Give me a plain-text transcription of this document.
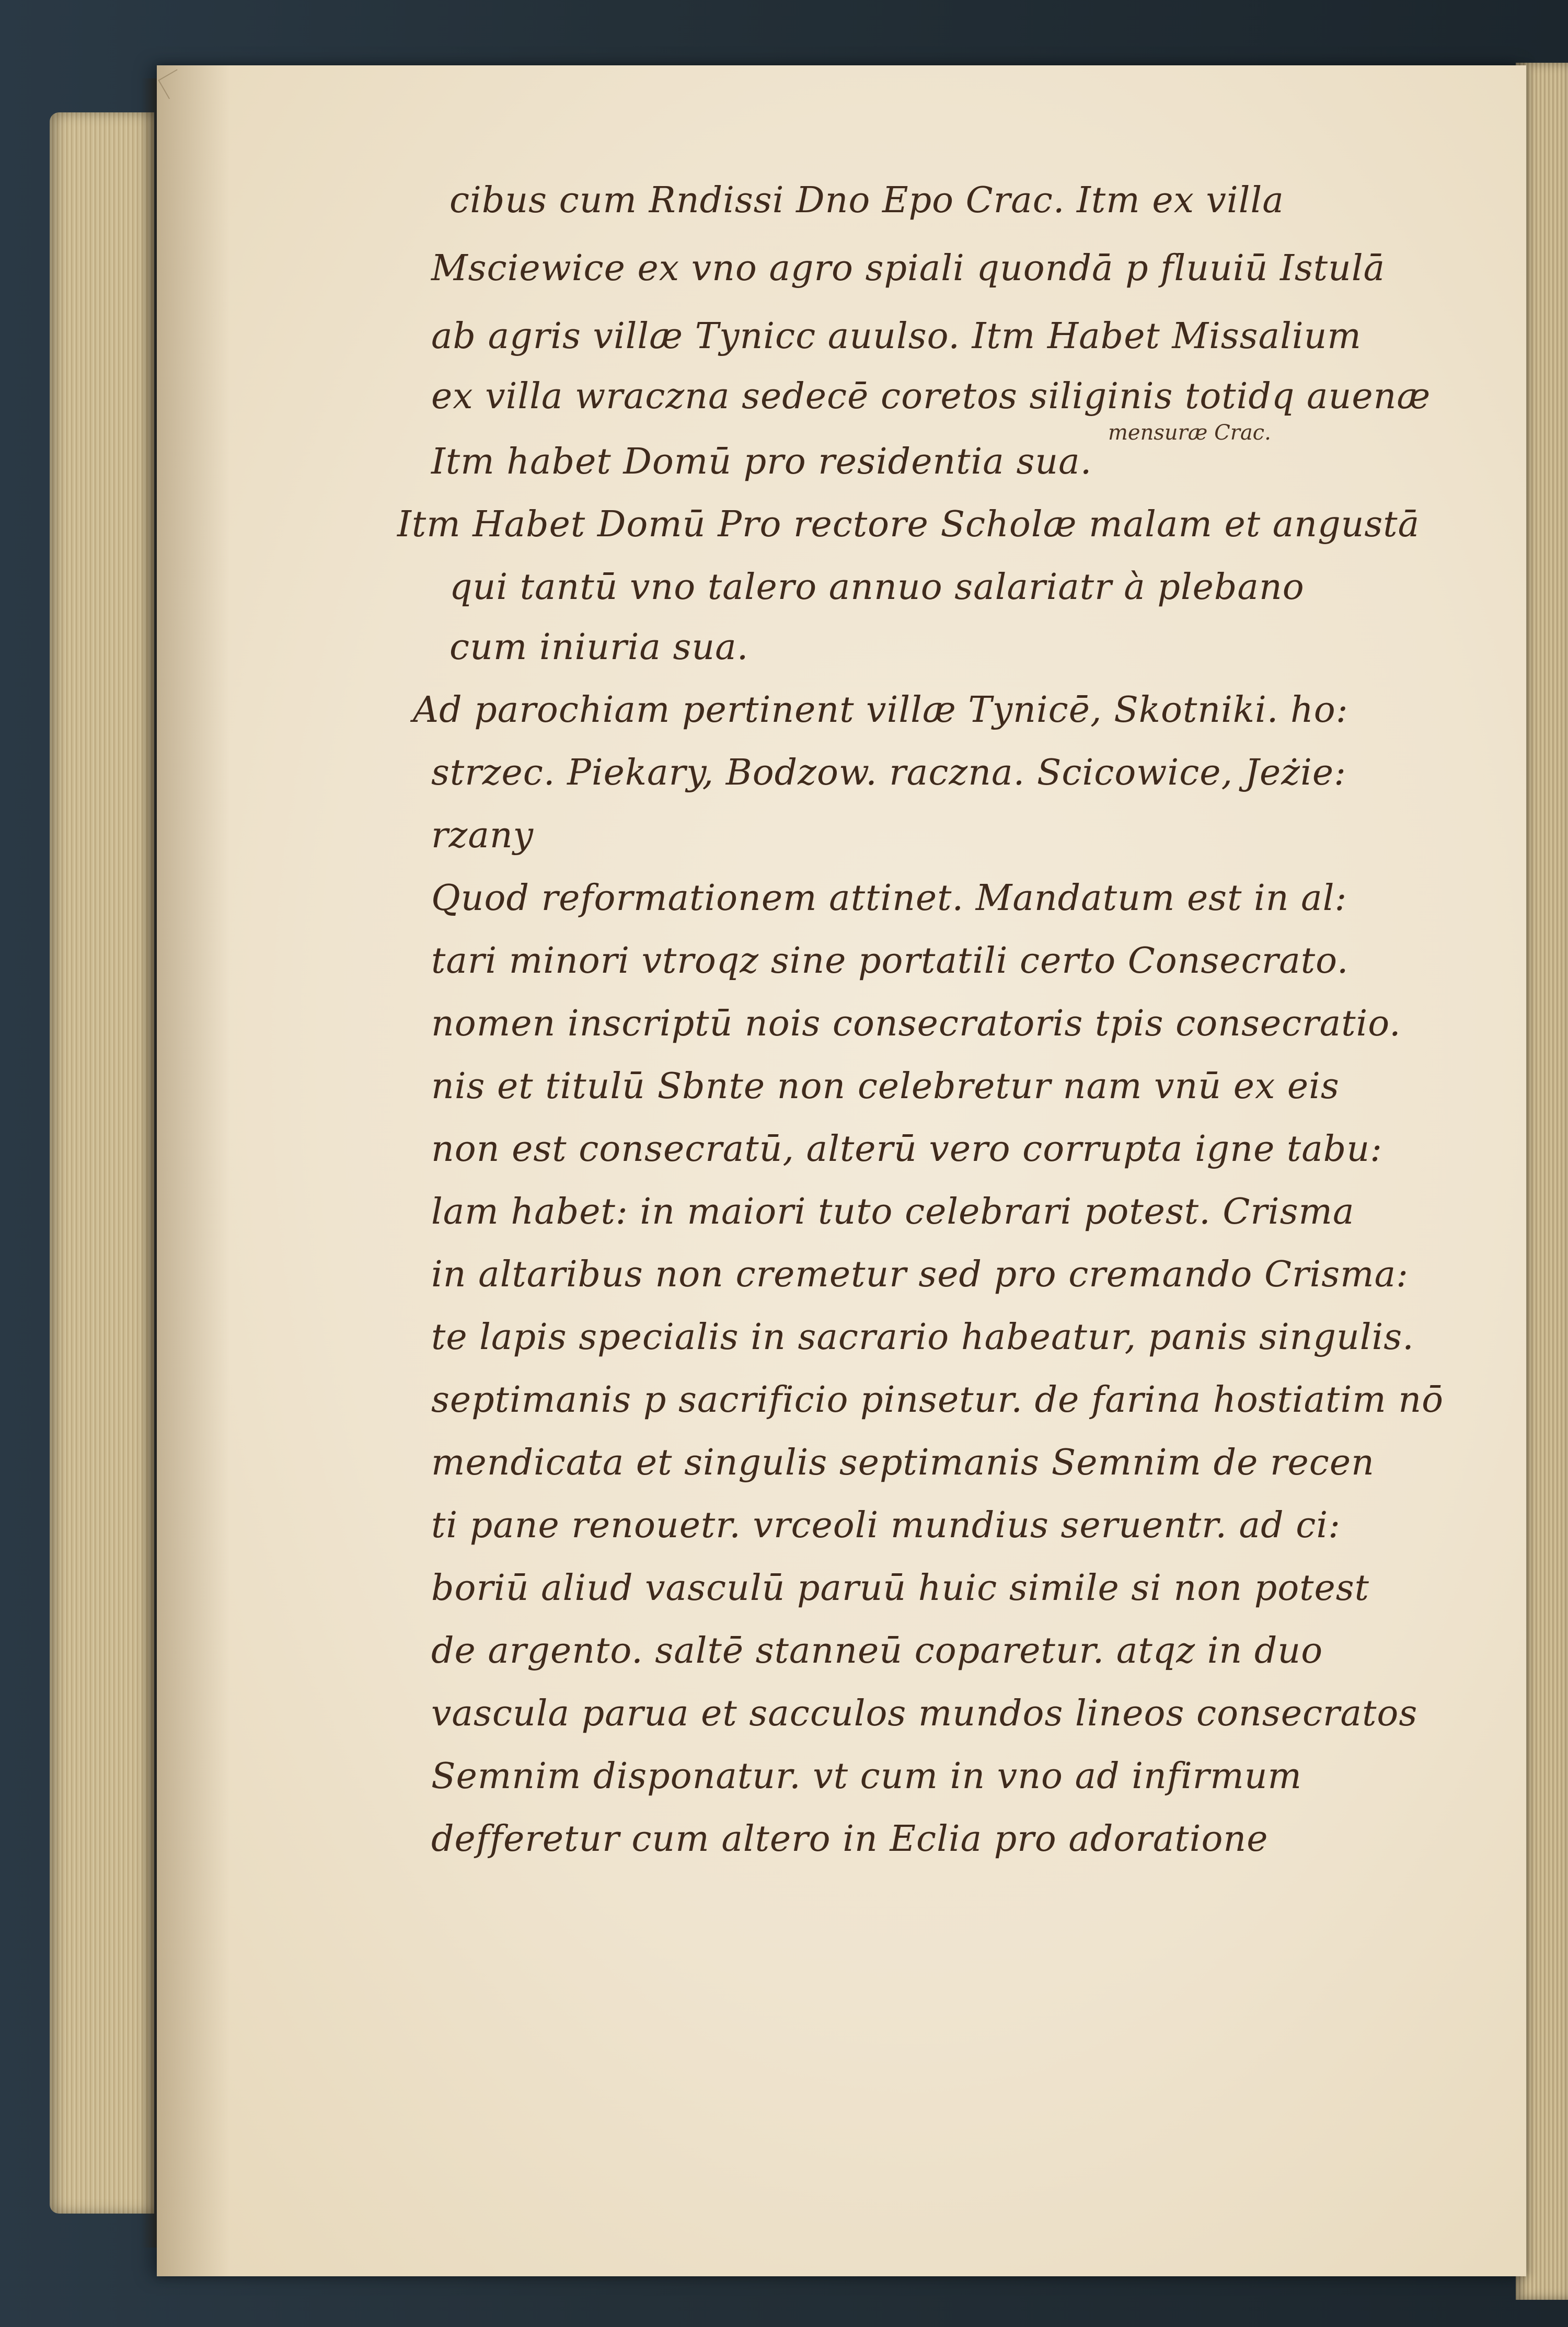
cibus cum Rndissi Dno Epo Crac. Itm ex villa
Msciewice ex vno agro spiali quondā p fluuiū Istulā
ab agris villæ Tynicc auulso. Itm Habet Missalium
ex villa wraczna sedecē coretos siliginis totidq auenæ
mensuræ Crac.
Itm habet Domū pro residentia sua.
Itm Habet Domū Pro rectore Scholæ malam et angustā
qui tantū vno talero annuo salariatr à plebano
cum iniuria sua.
Ad parochiam pertinent villæ Tynicē, Skotniki. ho:
strzec. Piekary, Bodzow. raczna. Scicowice, Jeżie:
rzany
Quod reformationem attinet. Mandatum est in al:
tari minori vtroqz sine portatili certo Consecrato.
nomen inscriptū nois consecratoris tpis consecratio.
nis et titulū Sbnte non celebretur nam vnū ex eis
non est consecratū, alterū vero corrupta igne tabu:
lam habet: in maiori tuto celebrari potest. Crisma
in altaribus non cremetur sed pro cremando Crisma:
te lapis specialis in sacrario habeatur, panis singulis.
septimanis p sacrificio pinsetur. de farina hostiatim nō
mendicata et singulis septimanis Semnim de recen
ti pane renouetr. vrceoli mundius seruentr. ad ci:
boriū aliud vasculū paruū huic simile si non potest
de argento. saltē stanneū coparetur. atqz in duo
vascula parua et sacculos mundos lineos consecratos
Semnim disponatur. vt cum in vno ad infirmum
defferetur cum altero in Eclia pro adoratione
